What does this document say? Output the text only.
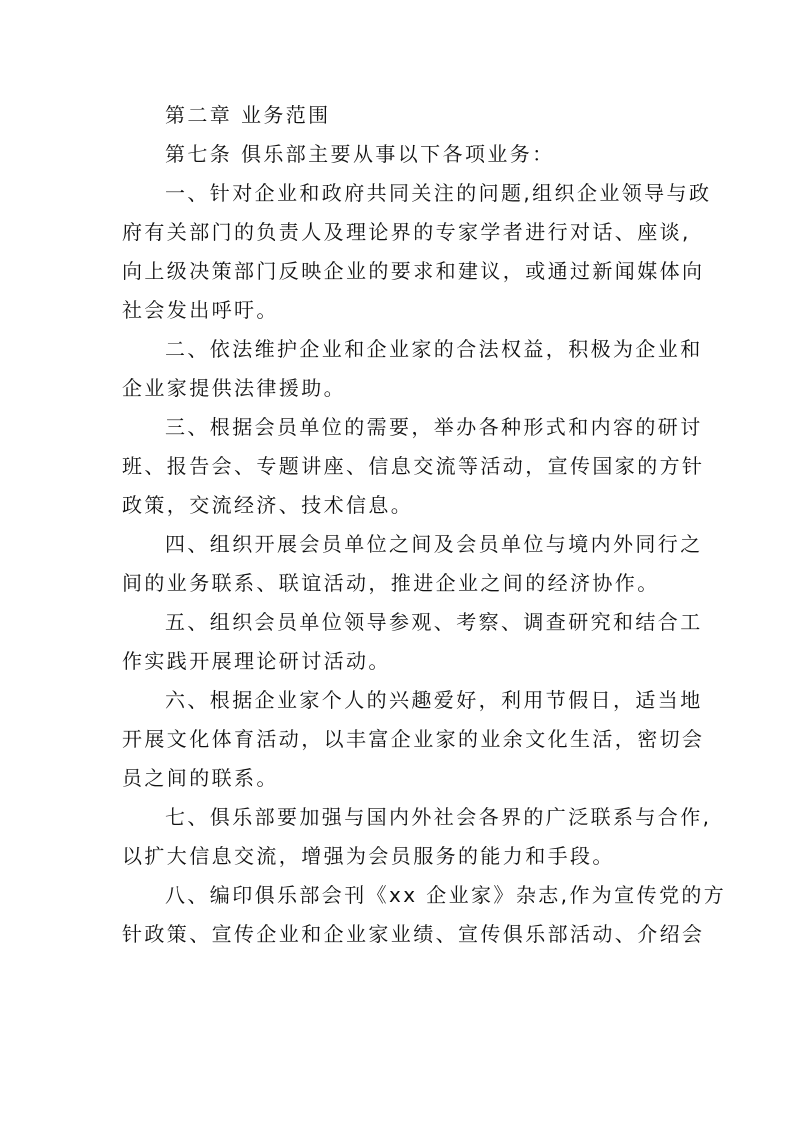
第二章 业务范围

第七条 俱乐部主要从事以下各项业务：

一、针对企业和政府共同关注的问题,组织企业领导与政
府有关部门的负责人及理论界的专家学者进行对话、座谈,
向上级决策部门反映企业的要求和建议，或通过新闻媒体向
社会发出呼吁。
二、依法维护企业和企业家的合法权益，积极为企业和
企业家提供法律援助。
三、根据会员单位的需要，举办各种形式和内容的研讨
班、报告会、专题讲座、信息交流等活动，宣传国家的方针
政策，交流经济、技术信息。
四、组织开展会员单位之间及会员单位与境内外同行之
间的业务联系、联谊活动，推进企业之间的经济协作。
五、组织会员单位领导参观、考察、调查研究和结合工
作实践开展理论研讨活动。
六、根据企业家个人的兴趣爱好，利用节假日，适当地
开展文化体育活动，以丰富企业家的业余文化生活，密切会
员之间的联系。
七、俱乐部要加强与国内外社会各界的广泛联系与合作,
以扩大信息交流，增强为会员服务的能力和手段。
八、编印俱乐部会刊《xx 企业家》杂志,作为宣传党的方
针政策、宣传企业和企业家业绩、宣传俱乐部活动、介绍会
